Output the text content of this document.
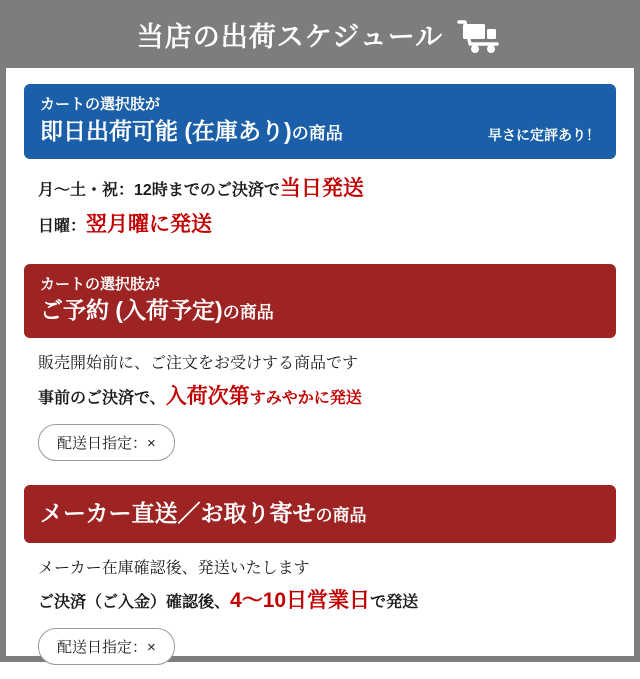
当店の出荷スケジュール
カートの選択肢が
即日出荷可能 (在庫あり)の商品	早さに定評あり！
月～土・祝：12時までのご決済で当日発送
日曜：翌月曜に発送
カートの選択肢が
ご予約 (入荷予定)の商品
販売開始前に、ご注文をお受けする商品です
事前のご決済で、入荷次第すみやかに発送
配送日指定：×
メーカー直送／お取り寄せの商品
メーカー在庫確認後、発送いたします
ご決済（ご入金）確認後、4～10日営業日で発送
配送日指定：×
